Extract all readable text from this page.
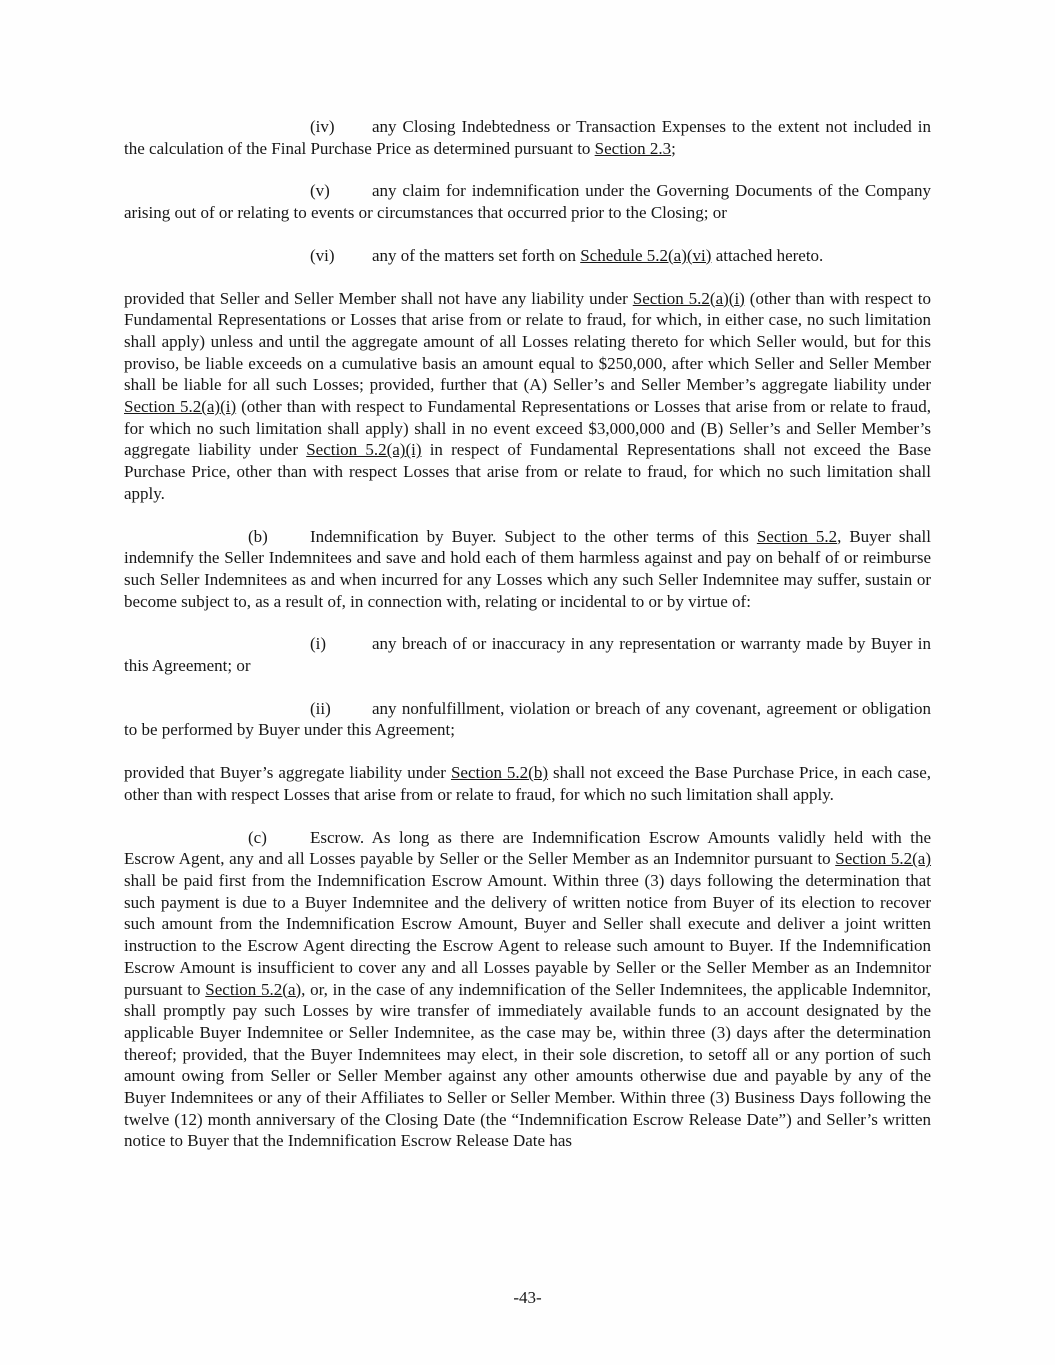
(iv) any Closing Indebtedness or Transaction Expenses to the extent not included in the calculation of the Final Purchase Price as determined pursuant to Section 2.3;

(v) any claim for indemnification under the Governing Documents of the Company arising out of or relating to events or circumstances that occurred prior to the Closing; or

(vi) any of the matters set forth on Schedule 5.2(a)(vi) attached hereto.

provided that Seller and Seller Member shall not have any liability under Section 5.2(a)(i) (other than with respect to Fundamental Representations or Losses that arise from or relate to fraud, for which, in either case, no such limitation shall apply) unless and until the aggregate amount of all Losses relating thereto for which Seller would, but for this proviso, be liable exceeds on a cumulative basis an amount equal to $250,000, after which Seller and Seller Member shall be liable for all such Losses; provided, further that (A) Seller’s and Seller Member’s aggregate liability under Section 5.2(a)(i) (other than with respect to Fundamental Representations or Losses that arise from or relate to fraud, for which no such limitation shall apply) shall in no event exceed $3,000,000 and (B) Seller’s and Seller Member’s aggregate liability under Section 5.2(a)(i) in respect of Fundamental Representations shall not exceed the Base Purchase Price, other than with respect Losses that arise from or relate to fraud, for which no such limitation shall apply.

(b) Indemnification by Buyer. Subject to the other terms of this Section 5.2, Buyer shall indemnify the Seller Indemnitees and save and hold each of them harmless against and pay on behalf of or reimburse such Seller Indemnitees as and when incurred for any Losses which any such Seller Indemnitee may suffer, sustain or become subject to, as a result of, in connection with, relating or incidental to or by virtue of:

(i)	any breach of or inaccuracy in any representation or warranty made by Buyer in this Agreement; or

(ii) any nonfulfillment, violation or breach of any covenant, agreement or obligation to be performed by Buyer under this Agreement;

provided that Buyer’s aggregate liability under Section 5.2(b) shall not exceed the Base Purchase Price, in each case, other than with respect Losses that arise from or relate to fraud, for which no such limitation shall apply.

(c)	Escrow. As long as there are Indemnification Escrow Amounts validly held with the Escrow Agent, any and all Losses payable by Seller or the Seller Member as an Indemnitor pursuant to Section 5.2(a) shall be paid first from the Indemnification Escrow Amount. Within three (3) days following the determination that such payment is due to a Buyer Indemnitee and the delivery of written notice from Buyer of its election to recover such amount from the Indemnification Escrow Amount, Buyer and Seller shall execute and deliver a joint written instruction to the Escrow Agent directing the Escrow Agent to release such amount to Buyer. If the Indemnification Escrow Amount is insufficient to cover any and all Losses payable by Seller or the Seller Member as an Indemnitor pursuant to Section 5.2(a), or, in the case of any indemnification of the Seller Indemnitees, the applicable Indemnitor, shall promptly pay such Losses by wire transfer of immediately available funds to an account designated by the applicable Buyer Indemnitee or Seller Indemnitee, as the case may be, within three (3) days after the determination thereof; provided, that the Buyer Indemnitees may elect, in their sole discretion, to setoff all or any portion of such amount owing from Seller or Seller Member against any other amounts otherwise due and payable by any of the Buyer Indemnitees or any of their Affiliates to Seller or Seller Member. Within three (3) Business Days following the twelve (12) month anniversary of the Closing Date (the “Indemnification Escrow Release Date”) and Seller’s written notice to Buyer that the Indemnification Escrow Release Date has

-43-
